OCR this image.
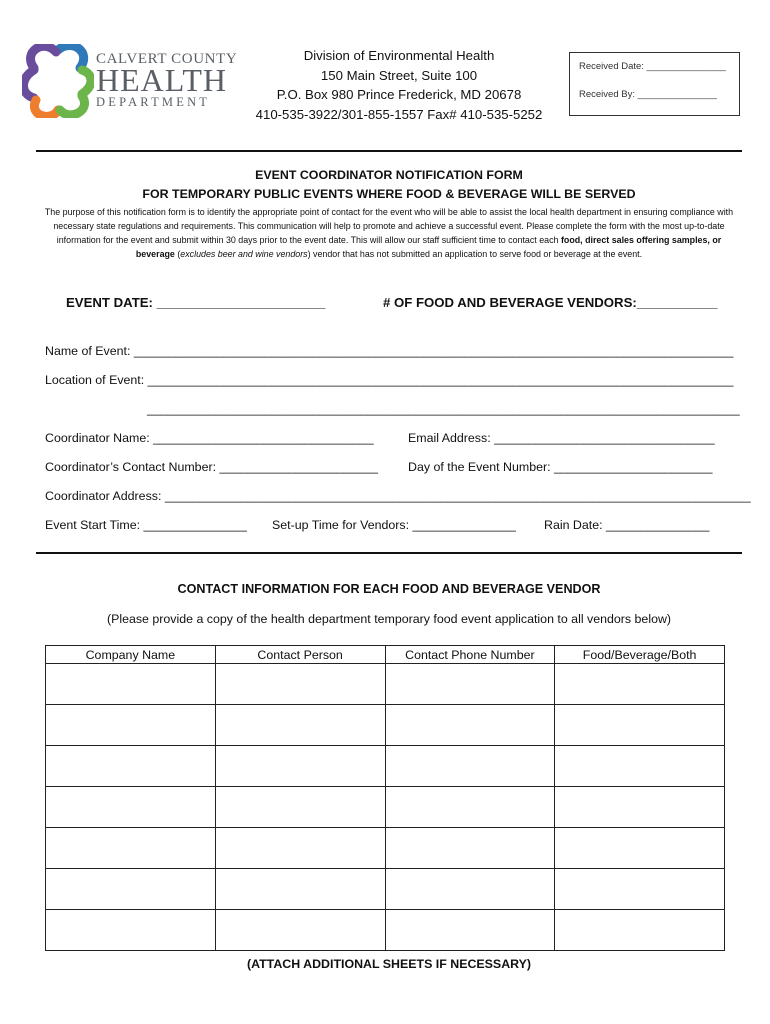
CALVERT COUNTY
HEALTH
DEPARTMENT
Division of Environmental Health
150 Main Street, Suite 100
P.O. Box 980 Prince Frederick, MD 20678
410-535-3922/301-855-1557 Fax# 410-535-5252
Received Date: _______________
Received By: _______________
EVENT COORDINATOR NOTIFICATION FORM
FOR TEMPORARY PUBLIC EVENTS WHERE FOOD & BEVERAGE WILL BE SERVED
The purpose of this notification form is to identify the appropriate point of contact for the event who will be able to assist the local health department in ensuring compliance with necessary state regulations and requirements. This communication will help to promote and achieve a successful event. Please complete the form with the most up-to-date information for the event and submit within 30 days prior to the event date. This will allow our staff sufficient time to contact each food, direct sales offering samples, or beverage (excludes beer and wine vendors) vendor that has not submitted an application to serve food or beverage at the event.
EVENT DATE: _______________________	# OF FOOD AND BEVERAGE VENDORS:___________
Name of Event: _______________________________________________________________________________________
Location of Event: _____________________________________________________________________________________
______________________________________________________________________________________
Coordinator Name: ________________________________	Email Address: ________________________________
Coordinator’s Contact Number: _______________________ Day of the Event Number: _______________________
Coordinator Address: _____________________________________________________________________________________
Event Start Time: _______________ Set-up Time for Vendors: _______________ Rain Date: _______________
CONTACT INFORMATION FOR EACH FOOD AND BEVERAGE VENDOR
(Please provide a copy of the health department temporary food event application to all vendors below)
Company Name	Contact Person	Contact Phone Number	Food/Beverage/Both

(ATTACH ADDITIONAL SHEETS IF NECESSARY)
